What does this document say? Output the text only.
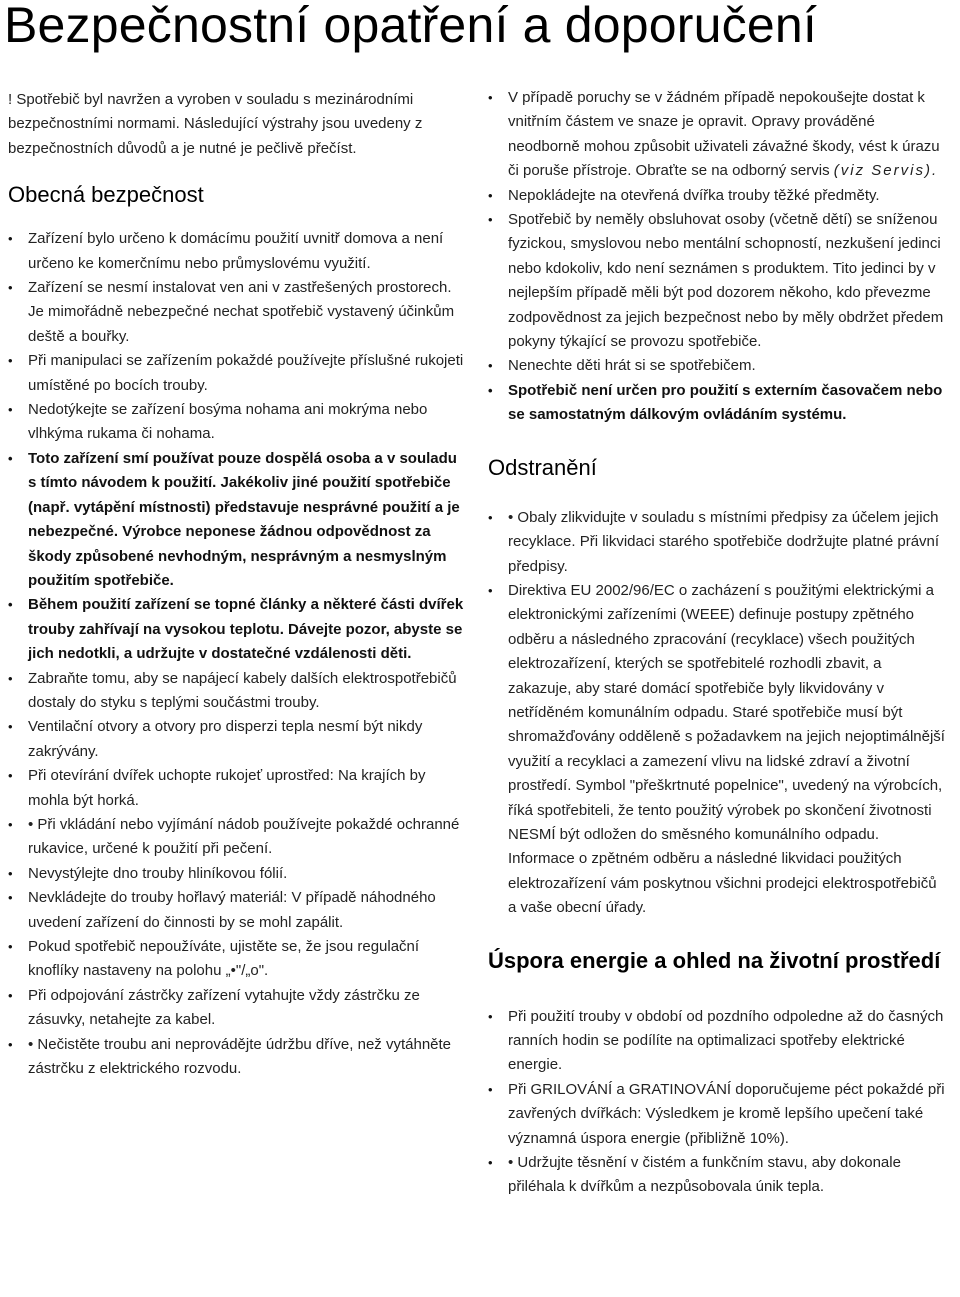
Bezpečnostní opatření a doporučení

! Spotřebič byl navržen a vyroben v souladu s mezinárodními bezpečnostními normami. Následující výstrahy jsou uvedeny z bezpečnostních důvodů a je nutné je pečlivě přečíst.

Obecná bezpečnost
• Zařízení bylo určeno k domácímu použití uvnitř domova a není určeno ke komerčnímu nebo průmyslovému využití.
• Zařízení se nesmí instalovat ven ani v zastřešených prostorech. Je mimořádně nebezpečné nechat spotřebič vystavený účinkům deště a bouřky.
• Při manipulaci se zařízením pokaždé používejte příslušné rukojeti umístěné po bocích trouby.
• Nedotýkejte se zařízení bosýma nohama ani mokrýma nebo vlhkýma rukama či nohama.
• Toto zařízení smí používat pouze dospělá osoba a v souladu s tímto návodem k použití. Jakékoliv jiné použití spotřebiče (např. vytápění místnosti) představuje nesprávné použití a je nebezpečné. Výrobce neponese žádnou odpovědnost za škody způsobené nevhodným, nesprávným a nesmyslným použitím spotřebiče.
• Během použití zařízení se topné články a některé části dvířek trouby zahřívají na vysokou teplotu. Dávejte pozor, abyste se jich nedotkli, a udržujte v dostatečné vzdálenosti děti.
• Zabraňte tomu, aby se napájecí kabely dalších elektrospotřebičů dostaly do styku s teplými součástmi trouby.
• Ventilační otvory a otvory pro disperzi tepla nesmí být nikdy zakrývány.
• Při otevírání dvířek uchopte rukojeť uprostřed: Na krajích by mohla být horká.
• • Při vkládání nebo vyjímání nádob používejte pokaždé ochranné rukavice, určené k použití při pečení.
• Nevystýlejte dno trouby hliníkovou fólií.
• Nevkládejte do trouby hořlavý materiál: V případě náhodného uvedení zařízení do činnosti by se mohl zapálit.
• Pokud spotřebič nepoužíváte, ujistěte se, že jsou regulační knoflíky nastaveny na polohu „•"/„o".
• Při odpojování zástrčky zařízení vytahujte vždy zástrčku ze zásuvky, netahejte za kabel.
• • Nečistěte troubu ani neprovádějte údržbu dříve, než vytáhněte zástrčku z elektrického rozvodu.
• V případě poruchy se v žádném případě nepokoušejte dostat k vnitřním částem ve snaze je opravit. Opravy prováděné neodborně mohou způsobit uživateli závažné škody, vést k úrazu či poruše přístroje. Obraťte se na odborný servis (viz Servis).
• Nepokládejte na otevřená dvířka trouby těžké předměty.
• Spotřebič by neměly obsluhovat osoby (včetně dětí) se sníženou fyzickou, smyslovou nebo mentální schopností, nezkušení jedinci nebo kdokoliv, kdo není seznámen s produktem. Tito jedinci by v nejlepším případě měli být pod dozorem někoho, kdo převezme zodpovědnost za jejich bezpečnost nebo by měly obdržet předem pokyny týkající se provozu spotřebiče.
• Nenechte děti hrát si se spotřebičem.
• Spotřebič není určen pro použití s externím časovačem nebo se samostatným dálkovým ovládáním systému.
Odstranění
• • Obaly zlikvidujte v souladu s místními předpisy za účelem jejich recyklace. Při likvidaci starého spotřebiče dodržujte platné právní předpisy.
• Direktiva EU 2002/96/EC o zacházení s použitými elektrickými a elektronickými zařízeními (WEEE) definuje postupy zpětného odběru a následného zpracování (recyklace) všech použitých elektrozařízení, kterých se spotřebitelé rozhodli zbavit, a zakazuje, aby staré domácí spotřebiče byly likvidovány v netříděném komunálním odpadu. Staré spotřebiče musí být shromažďovány odděleně s požadavkem na jejich nejoptimálnější využití a recyklaci a zamezení vlivu na lidské zdraví a životní prostředí. Symbol "přeškrtnuté popelnice", uvedený na výrobcích, říká spotřebiteli, že tento použitý výrobek po skončení životnosti NESMÍ být odložen do směsného komunálního odpadu. Informace o zpětném odběru a následné likvidaci použitých elektrozařízení vám poskytnou všichni prodejci elektrospotřebičů a vaše obecní úřady.
Úspora energie a ohled na životní prostředí
• Při použití trouby v období od pozdního odpoledne až do časných ranních hodin se podílíte na optimalizaci spotřeby elektrické energie.
• Při GRILOVÁNÍ a GRATINOVÁNÍ doporučujeme péct pokaždé při zavřených dvířkách: Výsledkem je kromě lepšího upečení také významná úspora energie (přibližně 10%).
• • Udržujte těsnění v čistém a funkčním stavu, aby dokonale přiléhala k dvířkům a nezpůsobovala únik tepla.
